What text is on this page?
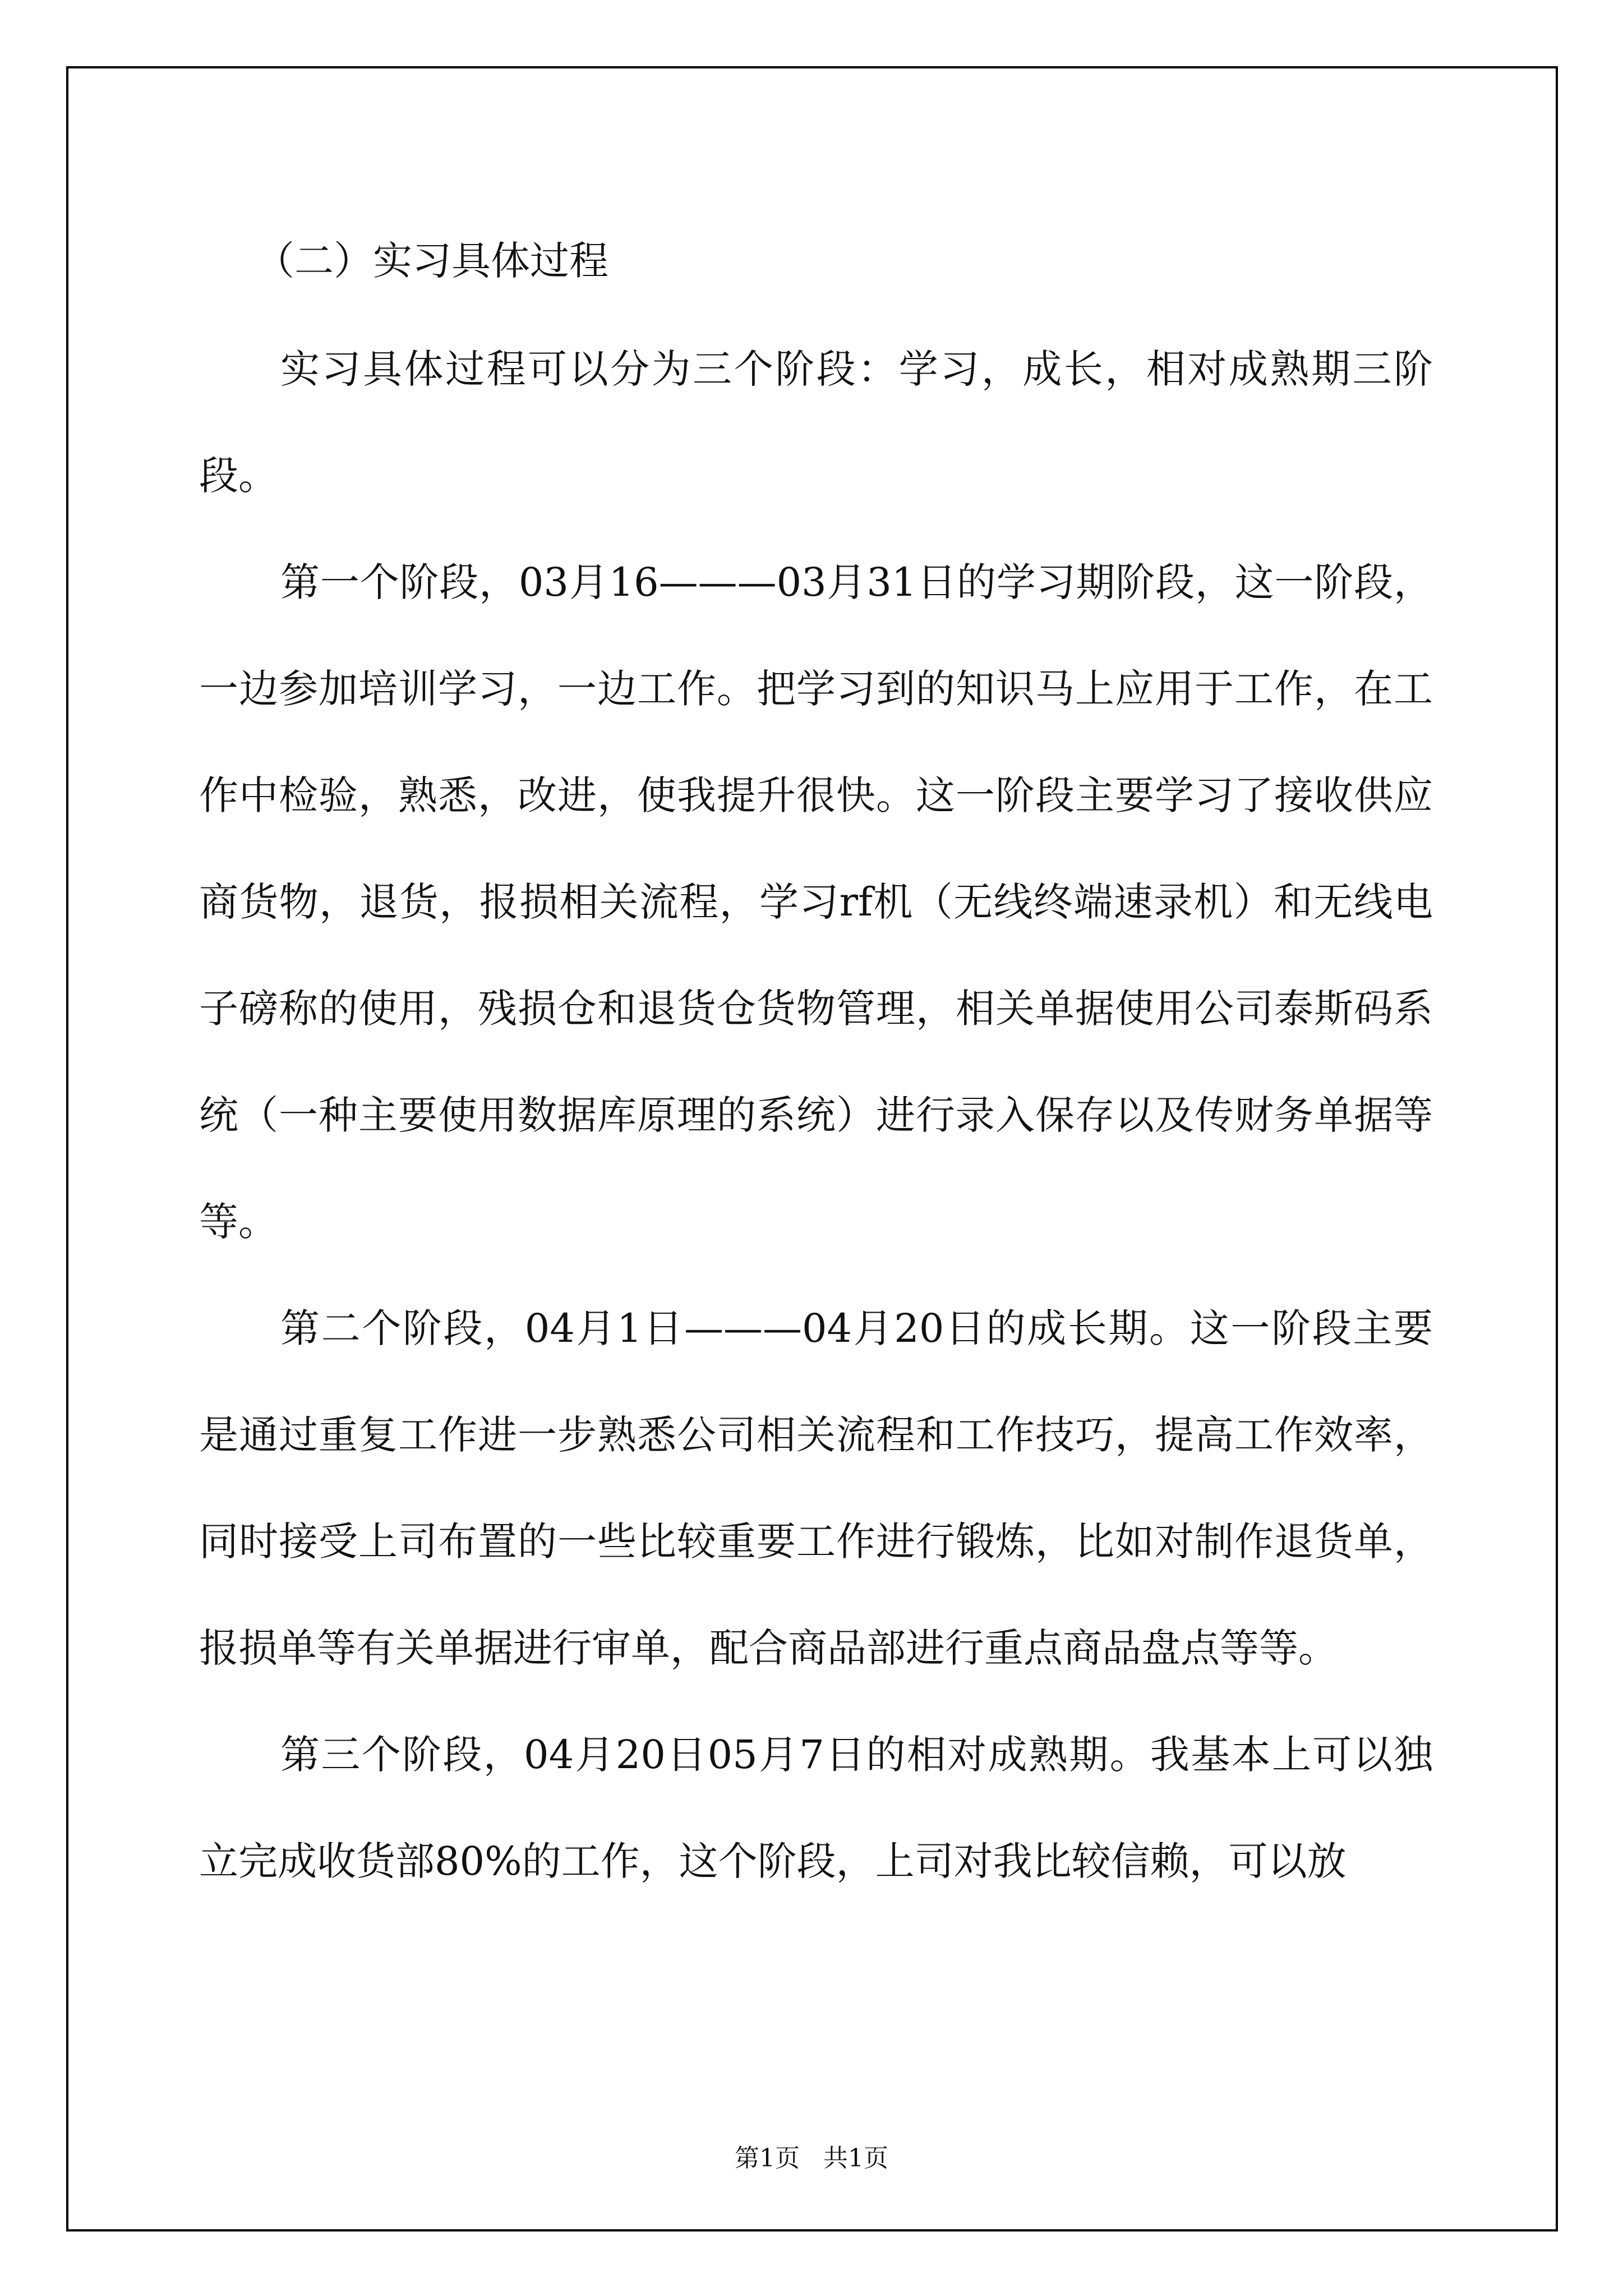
（二）实习具体过程

实习具体过程可以分为三个阶段：学习，成长，相对成熟期三阶段。

第一个阶段，03月16———03月31日的学习期阶段，这一阶段，一边参加培训学习，一边工作。把学习到的知识马上应用于工作，在工作中检验，熟悉，改进，使我提升很快。这一阶段主要学习了接收供应商货物，退货，报损相关流程，学习rf机（无线终端速录机）和无线电子磅称的使用，残损仓和退货仓货物管理，相关单据使用公司泰斯码系统（一种主要使用数据库原理的系统）进行录入保存以及传财务单据等等。

第二个阶段，04月1日———04月20日的成长期。这一阶段主要是通过重复工作进一步熟悉公司相关流程和工作技巧，提高工作效率，同时接受上司布置的一些比较重要工作进行锻炼，比如对制作退货单，报损单等有关单据进行审单，配合商品部进行重点商品盘点等等。

第三个阶段，04月20日05月7日的相对成熟期。我基本上可以独立完成收货部80%的工作，这个阶段，上司对我比较信赖，可以放

第1页   共1页
